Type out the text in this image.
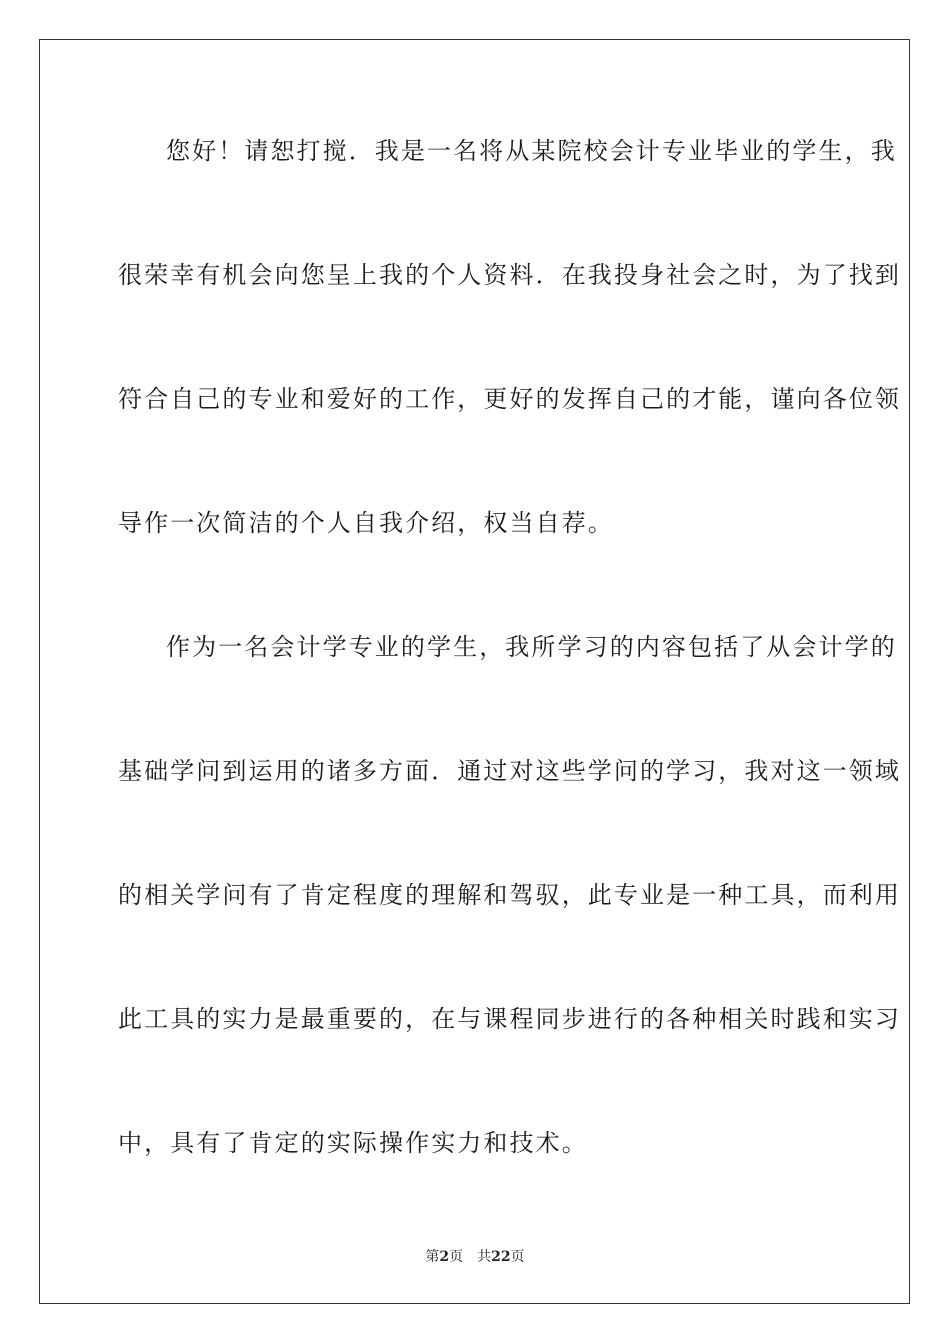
您好！请恕打搅．我是一名将从某院校会计专业毕业的学生，我
很荣幸有机会向您呈上我的个人资料．在我投身社会之时，为了找到
符合自己的专业和爱好的工作，更好的发挥自己的才能，谨向各位领
导作一次简洁的个人自我介绍，权当自荐。
作为一名会计学专业的学生，我所学习的内容包括了从会计学的
基础学问到运用的诸多方面．通过对这些学问的学习，我对这一领域
的相关学问有了肯定程度的理解和驾驭，此专业是一种工具，而利用
此工具的实力是最重要的，在与课程同步进行的各种相关时践和实习
中，具有了肯定的实际操作实力和技术。
第2页 共22页
